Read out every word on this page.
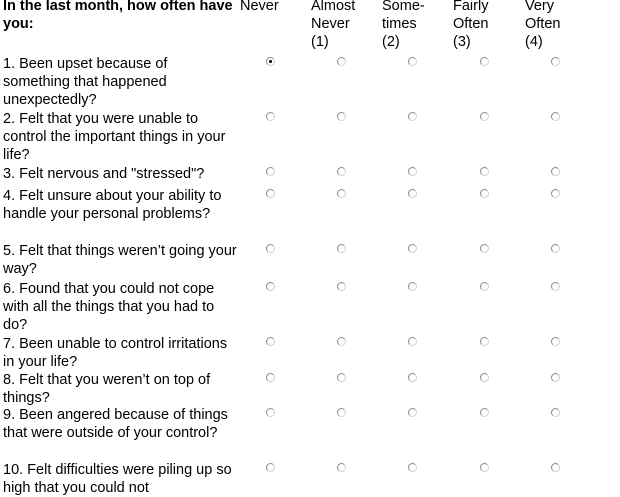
In the last month, how often have you:
Never Almost
Never
(1)
Some-
times
(2)
Fairly
Often
(3)
Very
Often
(4)
1. Been upset because of something that happened unexpectedly?
2. Felt that you were unable to control the important things in your life?
3. Felt nervous and "stressed"?
4. Felt unsure about your ability to handle your personal problems?
5. Felt that things weren’t going your way?
6. Found that you could not cope with all the things that you had to do?
7. Been unable to control irritations in your life?
8. Felt that you weren’t on top of things?
9. Been angered because of things that were outside of your control?
10. Felt difficulties were piling up so high that you could not
